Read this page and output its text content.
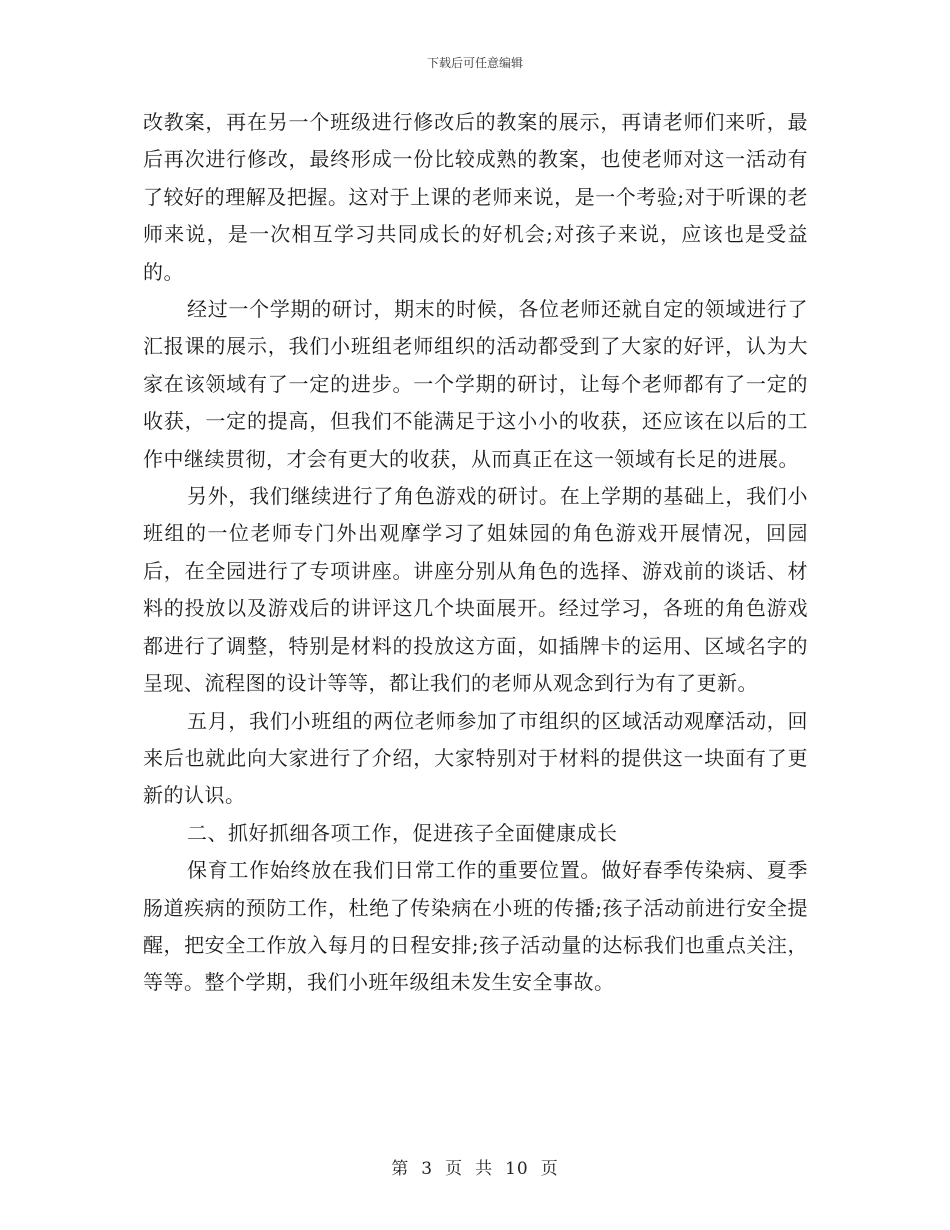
下载后可任意编辑

改教案，再在另一个班级进行修改后的教案的展示，再请老师们来听，最后再次进行修改，最终形成一份比较成熟的教案，也使老师对这一活动有了较好的理解及把握。这对于上课的老师来说，是一个考验;对于听课的老师来说，是一次相互学习共同成长的好机会;对孩子来说，应该也是受益的。

经过一个学期的研讨，期末的时候，各位老师还就自定的领域进行了汇报课的展示，我们小班组老师组织的活动都受到了大家的好评，认为大家在该领域有了一定的进步。一个学期的研讨，让每个老师都有了一定的收获，一定的提高，但我们不能满足于这小小的收获，还应该在以后的工作中继续贯彻，才会有更大的收获，从而真正在这一领域有长足的进展。

另外，我们继续进行了角色游戏的研讨。在上学期的基础上，我们小班组的一位老师专门外出观摩学习了姐妹园的角色游戏开展情况，回园后，在全园进行了专项讲座。讲座分别从角色的选择、游戏前的谈话、材料的投放以及游戏后的讲评这几个块面展开。经过学习，各班的角色游戏都进行了调整，特别是材料的投放这方面，如插牌卡的运用、区域名字的呈现、流程图的设计等等，都让我们的老师从观念到行为有了更新。

五月，我们小班组的两位老师参加了市组织的区域活动观摩活动，回来后也就此向大家进行了介绍，大家特别对于材料的提供这一块面有了更新的认识。

二、抓好抓细各项工作，促进孩子全面健康成长

保育工作始终放在我们日常工作的重要位置。做好春季传染病、夏季肠道疾病的预防工作，杜绝了传染病在小班的传播;孩子活动前进行安全提醒，把安全工作放入每月的日程安排;孩子活动量的达标我们也重点关注，等等。整个学期，我们小班年级组未发生安全事故。

第 3 页 共 10 页
